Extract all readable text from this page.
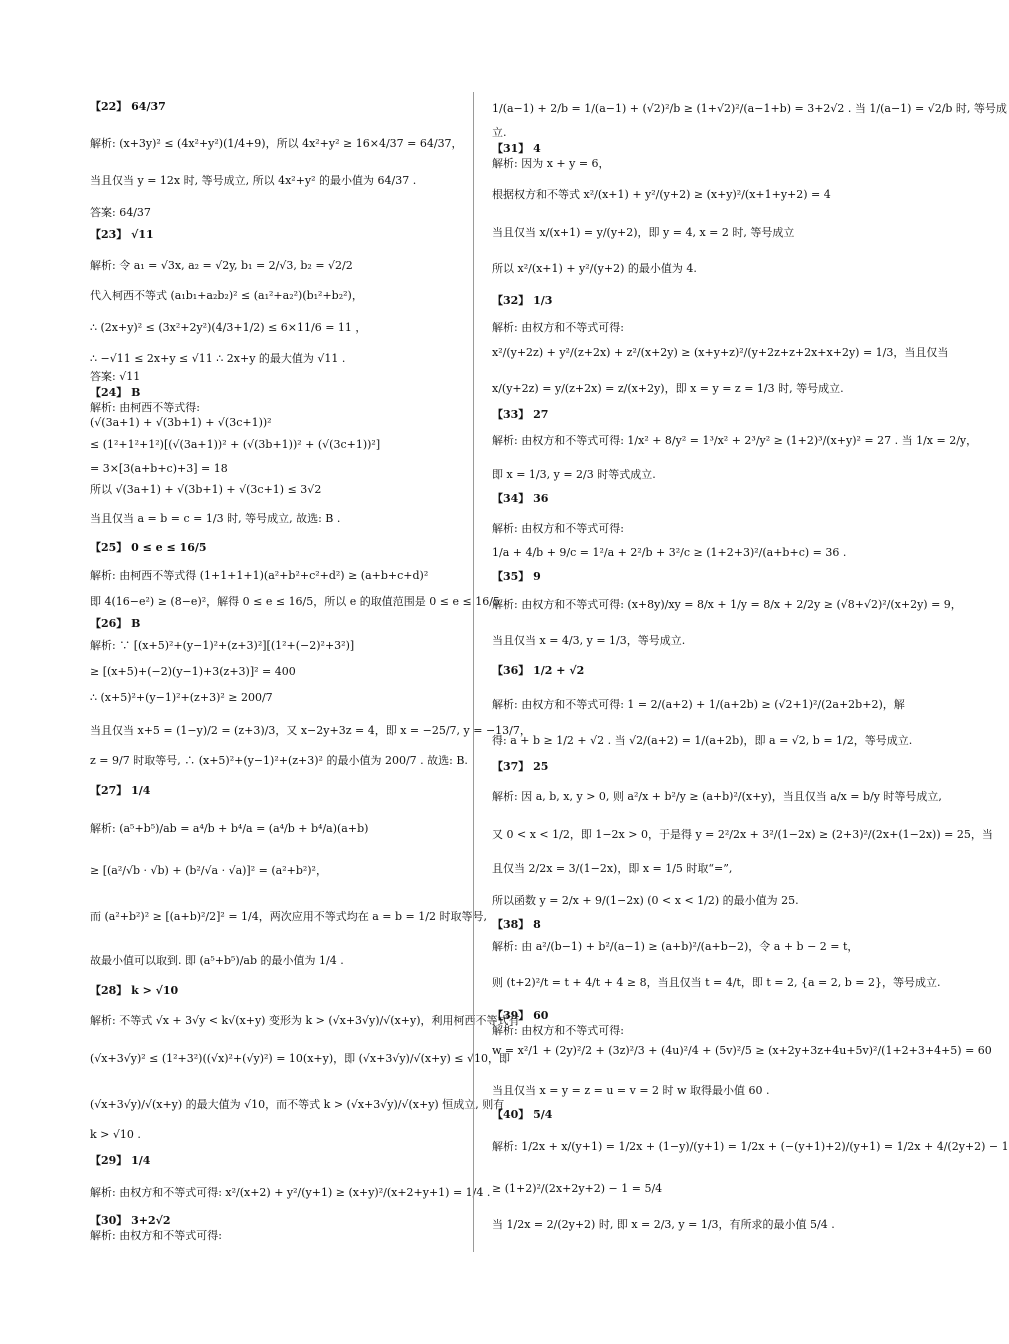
【22】 64/37
解析: (x+3y)² ≤ (4x²+y²)(1/4+9)，所以 4x²+y² ≥ 16×4/37 = 64/37，
当且仅当 y = 12x 时, 等号成立, 所以 4x²+y² 的最小值为 64/37 .
答案: 64/37
【23】 √11
解析: 令 a₁ = √3x, a₂ = √2y, b₁ = 2/√3, b₂ = √2/2
代入柯西不等式 (a₁b₁+a₂b₂)² ≤ (a₁²+a₂²)(b₁²+b₂²)，
∴ (2x+y)² ≤ (3x²+2y²)(4/3+1/2) ≤ 6×11/6 = 11 ，
∴ −√11 ≤ 2x+y ≤ √11 ∴ 2x+y 的最大值为 √11 .
答案: √11
【24】 B
解析: 由柯西不等式得:
(√(3a+1) + √(3b+1) + √(3c+1))²
≤ (1²+1²+1²)[(√(3a+1))² + (√(3b+1))² + (√(3c+1))²]
= 3×[3(a+b+c)+3] = 18
所以 √(3a+1) + √(3b+1) + √(3c+1) ≤ 3√2
当且仅当 a = b = c = 1/3 时, 等号成立, 故选: B .
【25】 0 ≤ e ≤ 16/5
解析: 由柯西不等式得 (1+1+1+1)(a²+b²+c²+d²) ≥ (a+b+c+d)²
即 4(16−e²) ≥ (8−e)²，解得 0 ≤ e ≤ 16/5，所以 e 的取值范围是 0 ≤ e ≤ 16/5
【26】 B
解析: ∵ [(x+5)²+(y−1)²+(z+3)²][(1²+(−2)²+3²)]
≥ [(x+5)+(−2)(y−1)+3(z+3)]² = 400
∴ (x+5)²+(y−1)²+(z+3)² ≥ 200/7
当且仅当 x+5 = (1−y)/2 = (z+3)/3，又 x−2y+3z = 4，即 x = −25/7, y = −13/7，
z = 9/7 时取等号, ∴ (x+5)²+(y−1)²+(z+3)² 的最小值为 200/7 . 故选: B.
【27】 1/4
解析: (a⁵+b⁵)/ab = a⁴/b + b⁴/a = (a⁴/b + b⁴/a)(a+b)
≥ [(a²/√b · √b) + (b²/√a · √a)]² = (a²+b²)²，
而 (a²+b²)² ≥ [(a+b)²/2]² = 1/4，两次应用不等式均在 a = b = 1/2 时取等号,
故最小值可以取到. 即 (a⁵+b⁵)/ab 的最小值为 1/4 .
【28】 k > √10
解析: 不等式 √x + 3√y < k√(x+y) 变形为 k > (√x+3√y)/√(x+y)，利用柯西不等式有
(√x+3√y)² ≤ (1²+3²)((√x)²+(√y)²) = 10(x+y)，即 (√x+3√y)/√(x+y) ≤ √10，即
(√x+3√y)/√(x+y) 的最大值为 √10，而不等式 k > (√x+3√y)/√(x+y) 恒成立, 则有
k > √10 .
【29】 1/4
解析: 由权方和不等式可得: x²/(x+2) + y²/(y+1) ≥ (x+y)²/(x+2+y+1) = 1/4 .
【30】 3+2√2
解析: 由权方和不等式可得:
1/(a−1) + 2/b = 1/(a−1) + (√2)²/b ≥ (1+√2)²/(a−1+b) = 3+2√2 . 当 1/(a−1) = √2/b 时, 等号成
立.
【31】 4
解析: 因为 x + y = 6，
根据权方和不等式 x²/(x+1) + y²/(y+2) ≥ (x+y)²/(x+1+y+2) = 4
当且仅当 x/(x+1) = y/(y+2)，即 y = 4, x = 2 时, 等号成立
所以 x²/(x+1) + y²/(y+2) 的最小值为 4.
【32】 1/3
解析: 由权方和不等式可得:
x²/(y+2z) + y²/(z+2x) + z²/(x+2y) ≥ (x+y+z)²/(y+2z+z+2x+x+2y) = 1/3，当且仅当
x/(y+2z) = y/(z+2x) = z/(x+2y)，即 x = y = z = 1/3 时, 等号成立.
【33】 27
解析: 由权方和不等式可得: 1/x² + 8/y² = 1³/x² + 2³/y² ≥ (1+2)³/(x+y)² = 27 . 当 1/x = 2/y，
即 x = 1/3, y = 2/3 时等式成立.
【34】 36
解析: 由权方和不等式可得:
1/a + 4/b + 9/c = 1²/a + 2²/b + 3²/c ≥ (1+2+3)²/(a+b+c) = 36 .
【35】 9
解析: 由权方和不等式可得: (x+8y)/xy = 8/x + 1/y = 8/x + 2/2y ≥ (√8+√2)²/(x+2y) = 9，
当且仅当 x = 4/3, y = 1/3，等号成立.
【36】 1/2 + √2
解析: 由权方和不等式可得: 1 = 2/(a+2) + 1/(a+2b) ≥ (√2+1)²/(2a+2b+2)，解
得: a + b ≥ 1/2 + √2 . 当 √2/(a+2) = 1/(a+2b)，即 a = √2, b = 1/2，等号成立.
【37】 25
解析: 因 a, b, x, y > 0, 则 a²/x + b²/y ≥ (a+b)²/(x+y)，当且仅当 a/x = b/y 时等号成立,
又 0 < x < 1/2，即 1−2x > 0，于是得 y = 2²/2x + 3²/(1−2x) ≥ (2+3)²/(2x+(1−2x)) = 25，当
且仅当 2/2x = 3/(1−2x)，即 x = 1/5 时取“=”,
所以函数 y = 2/x + 9/(1−2x) (0 < x < 1/2) 的最小值为 25.
【38】 8
解析: 由 a²/(b−1) + b²/(a−1) ≥ (a+b)²/(a+b−2)，令 a + b − 2 = t，
则 (t+2)²/t = t + 4/t + 4 ≥ 8，当且仅当 t = 4/t，即 t = 2, {a = 2, b = 2}，等号成立.
【39】 60
解析: 由权方和不等式可得:
w = x²/1 + (2y)²/2 + (3z)²/3 + (4u)²/4 + (5v)²/5 ≥ (x+2y+3z+4u+5v)²/(1+2+3+4+5) = 60
当且仅当 x = y = z = u = v = 2 时 w 取得最小值 60 .
【40】 5/4
解析: 1/2x + x/(y+1) = 1/2x + (1−y)/(y+1) = 1/2x + (−(y+1)+2)/(y+1) = 1/2x + 4/(2y+2) − 1
≥ (1+2)²/(2x+2y+2) − 1 = 5/4
当 1/2x = 2/(2y+2) 时, 即 x = 2/3, y = 1/3，有所求的最小值 5/4 .
